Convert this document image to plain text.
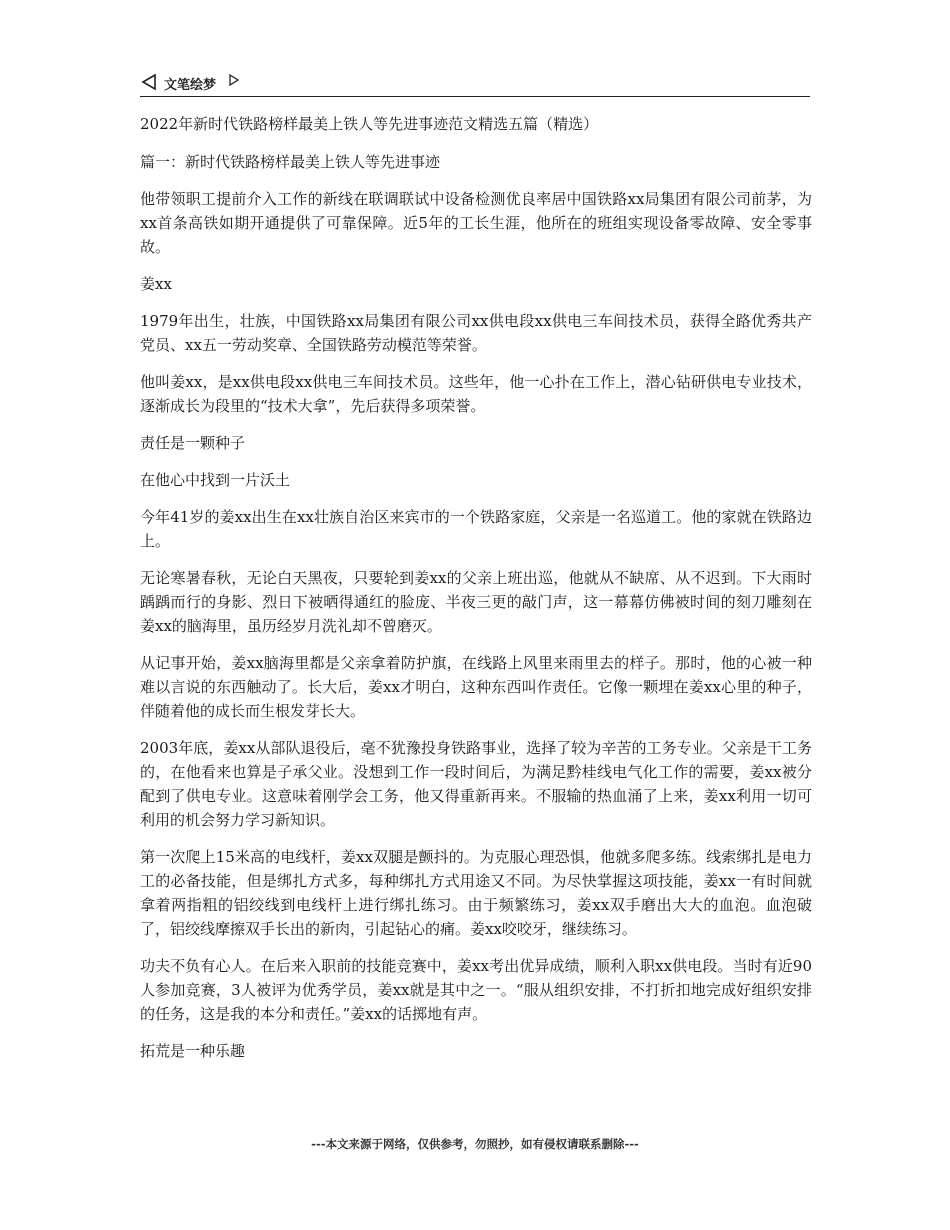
文笔绘梦
2022年新时代铁路榜样最美上铁人等先进事迹范文精选五篇（精选）
篇一：新时代铁路榜样最美上铁人等先进事迹

他带领职工提前介入工作的新线在联调联试中设备检测优良率居中国铁路xx局集团有限公司前茅，为xx首条高铁如期开通提供了可靠保障。近5年的工长生涯，他所在的班组实现设备零故障、安全零事故。

姜xx

1979年出生，壮族，中国铁路xx局集团有限公司xx供电段xx供电三车间技术员，获得全路优秀共产党员、xx五一劳动奖章、全国铁路劳动模范等荣誉。

他叫姜xx，是xx供电段xx供电三车间技术员。这些年，他一心扑在工作上，潜心钻研供电专业技术，逐渐成长为段里的“技术大拿”，先后获得多项荣誉。

责任是一颗种子

在他心中找到一片沃土

今年41岁的姜xx出生在xx壮族自治区来宾市的一个铁路家庭，父亲是一名巡道工。他的家就在铁路边上。

无论寒暑春秋，无论白天黑夜，只要轮到姜xx的父亲上班出巡，他就从不缺席、从不迟到。下大雨时踽踽而行的身影、烈日下被晒得通红的脸庞、半夜三更的敲门声，这一幕幕仿佛被时间的刻刀雕刻在姜xx的脑海里，虽历经岁月洗礼却不曾磨灭。

从记事开始，姜xx脑海里都是父亲拿着防护旗，在线路上风里来雨里去的样子。那时，他的心被一种难以言说的东西触动了。长大后，姜xx才明白，这种东西叫作责任。它像一颗埋在姜xx心里的种子，伴随着他的成长而生根发芽长大。

2003年底，姜xx从部队退役后，毫不犹豫投身铁路事业，选择了较为辛苦的工务专业。父亲是干工务的，在他看来也算是子承父业。没想到工作一段时间后，为满足黔桂线电气化工作的需要，姜xx被分配到了供电专业。这意味着刚学会工务，他又得重新再来。不服输的热血涌了上来，姜xx利用一切可利用的机会努力学习新知识。

第一次爬上15米高的电线杆，姜xx双腿是颤抖的。为克服心理恐惧，他就多爬多练。线索绑扎是电力工的必备技能，但是绑扎方式多，每种绑扎方式用途又不同。为尽快掌握这项技能，姜xx一有时间就拿着两指粗的铝绞线到电线杆上进行绑扎练习。由于频繁练习，姜xx双手磨出大大的血泡。血泡破了，铝绞线摩擦双手长出的新肉，引起钻心的痛。姜xx咬咬牙，继续练习。

功夫不负有心人。在后来入职前的技能竞赛中，姜xx考出优异成绩，顺利入职xx供电段。当时有近90人参加竞赛，3人被评为优秀学员，姜xx就是其中之一。“服从组织安排，不打折扣地完成好组织安排的任务，这是我的本分和责任。”姜xx的话掷地有声。

拓荒是一种乐趣

---本文来源于网络，仅供参考，勿照抄，如有侵权请联系删除---
